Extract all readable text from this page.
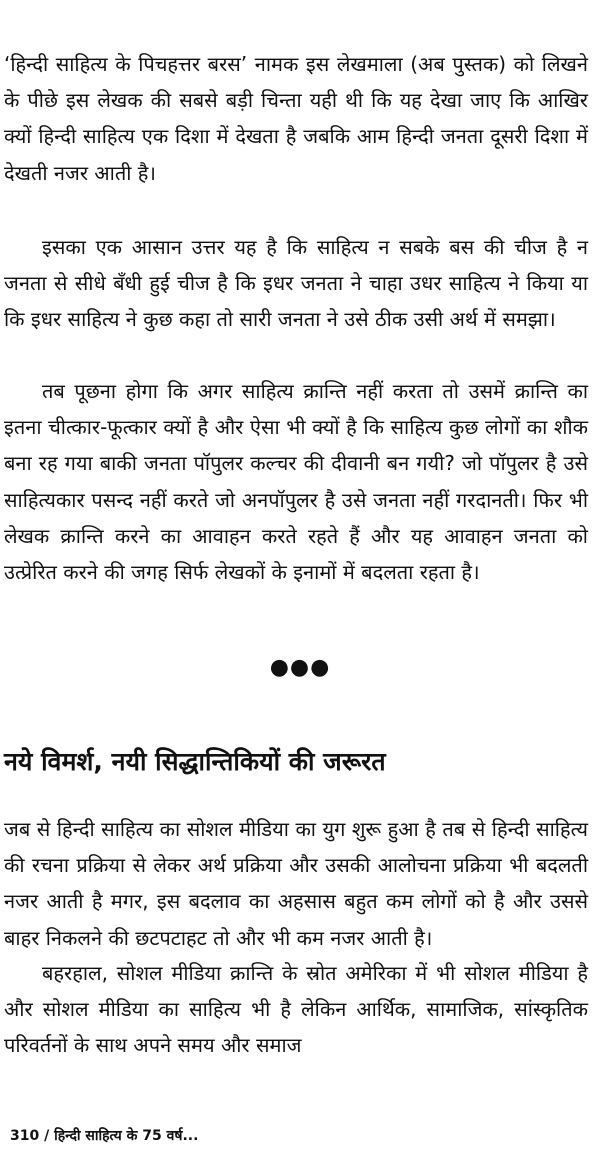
‘हिन्दी साहित्य के पिचहत्तर बरस’ नामक इस लेखमाला (अब पुस्तक) को लिखने के पीछे इस लेखक की सबसे बड़ी चिन्ता यही थी कि यह देखा जाए कि आखिर क्यों हिन्दी साहित्य एक दिशा में देखता है जबकि आम हिन्दी जनता दूसरी दिशा में देखती नजर आती है।

इसका एक आसान उत्तर यह है कि साहित्य न सबके बस की चीज है न जनता से सीधे बँधी हुई चीज है कि इधर जनता ने चाहा उधर साहित्य ने किया या कि इधर साहित्य ने कुछ कहा तो सारी जनता ने उसे ठीक उसी अर्थ में समझा।

तब पूछना होगा कि अगर साहित्य क्रान्ति नहीं करता तो उसमें क्रान्ति का इतना चीत्कार-फूत्कार क्यों है और ऐसा भी क्यों है कि साहित्य कुछ लोगों का शौक बना रह गया बाकी जनता पॉपुलर कल्चर की दीवानी बन गयी? जो पॉपुलर है उसे साहित्यकार पसन्द नहीं करते जो अनपॉपुलर है उसे जनता नहीं गरदानती। फिर भी लेखक क्रान्ति करने का आवाहन करते रहते हैं और यह आवाहन जनता को उत्प्रेरित करने की जगह सिर्फ लेखकों के इनामों में बदलता रहता है।

●●●
नये विमर्श, नयी सिद्धान्तिकियों की जरूरत

जब से हिन्दी साहित्य का सोशल मीडिया का युग शुरू हुआ है तब से हिन्दी साहित्य की रचना प्रक्रिया से लेकर अर्थ प्रक्रिया और उसकी आलोचना प्रक्रिया भी बदलती नजर आती है मगर, इस बदलाव का अहसास बहुत कम लोगों को है और उससे बाहर निकलने की छटपटाहट तो और भी कम नजर आती है।

बहरहाल, सोशल मीडिया क्रान्ति के स्रोत अमेरिका में भी सोशल मीडिया है और सोशल मीडिया का साहित्य भी है लेकिन आर्थिक, सामाजिक, सांस्कृतिक परिवर्तनों के साथ अपने समय और समाज

310 / हिन्दी साहित्य के 75 वर्ष...
